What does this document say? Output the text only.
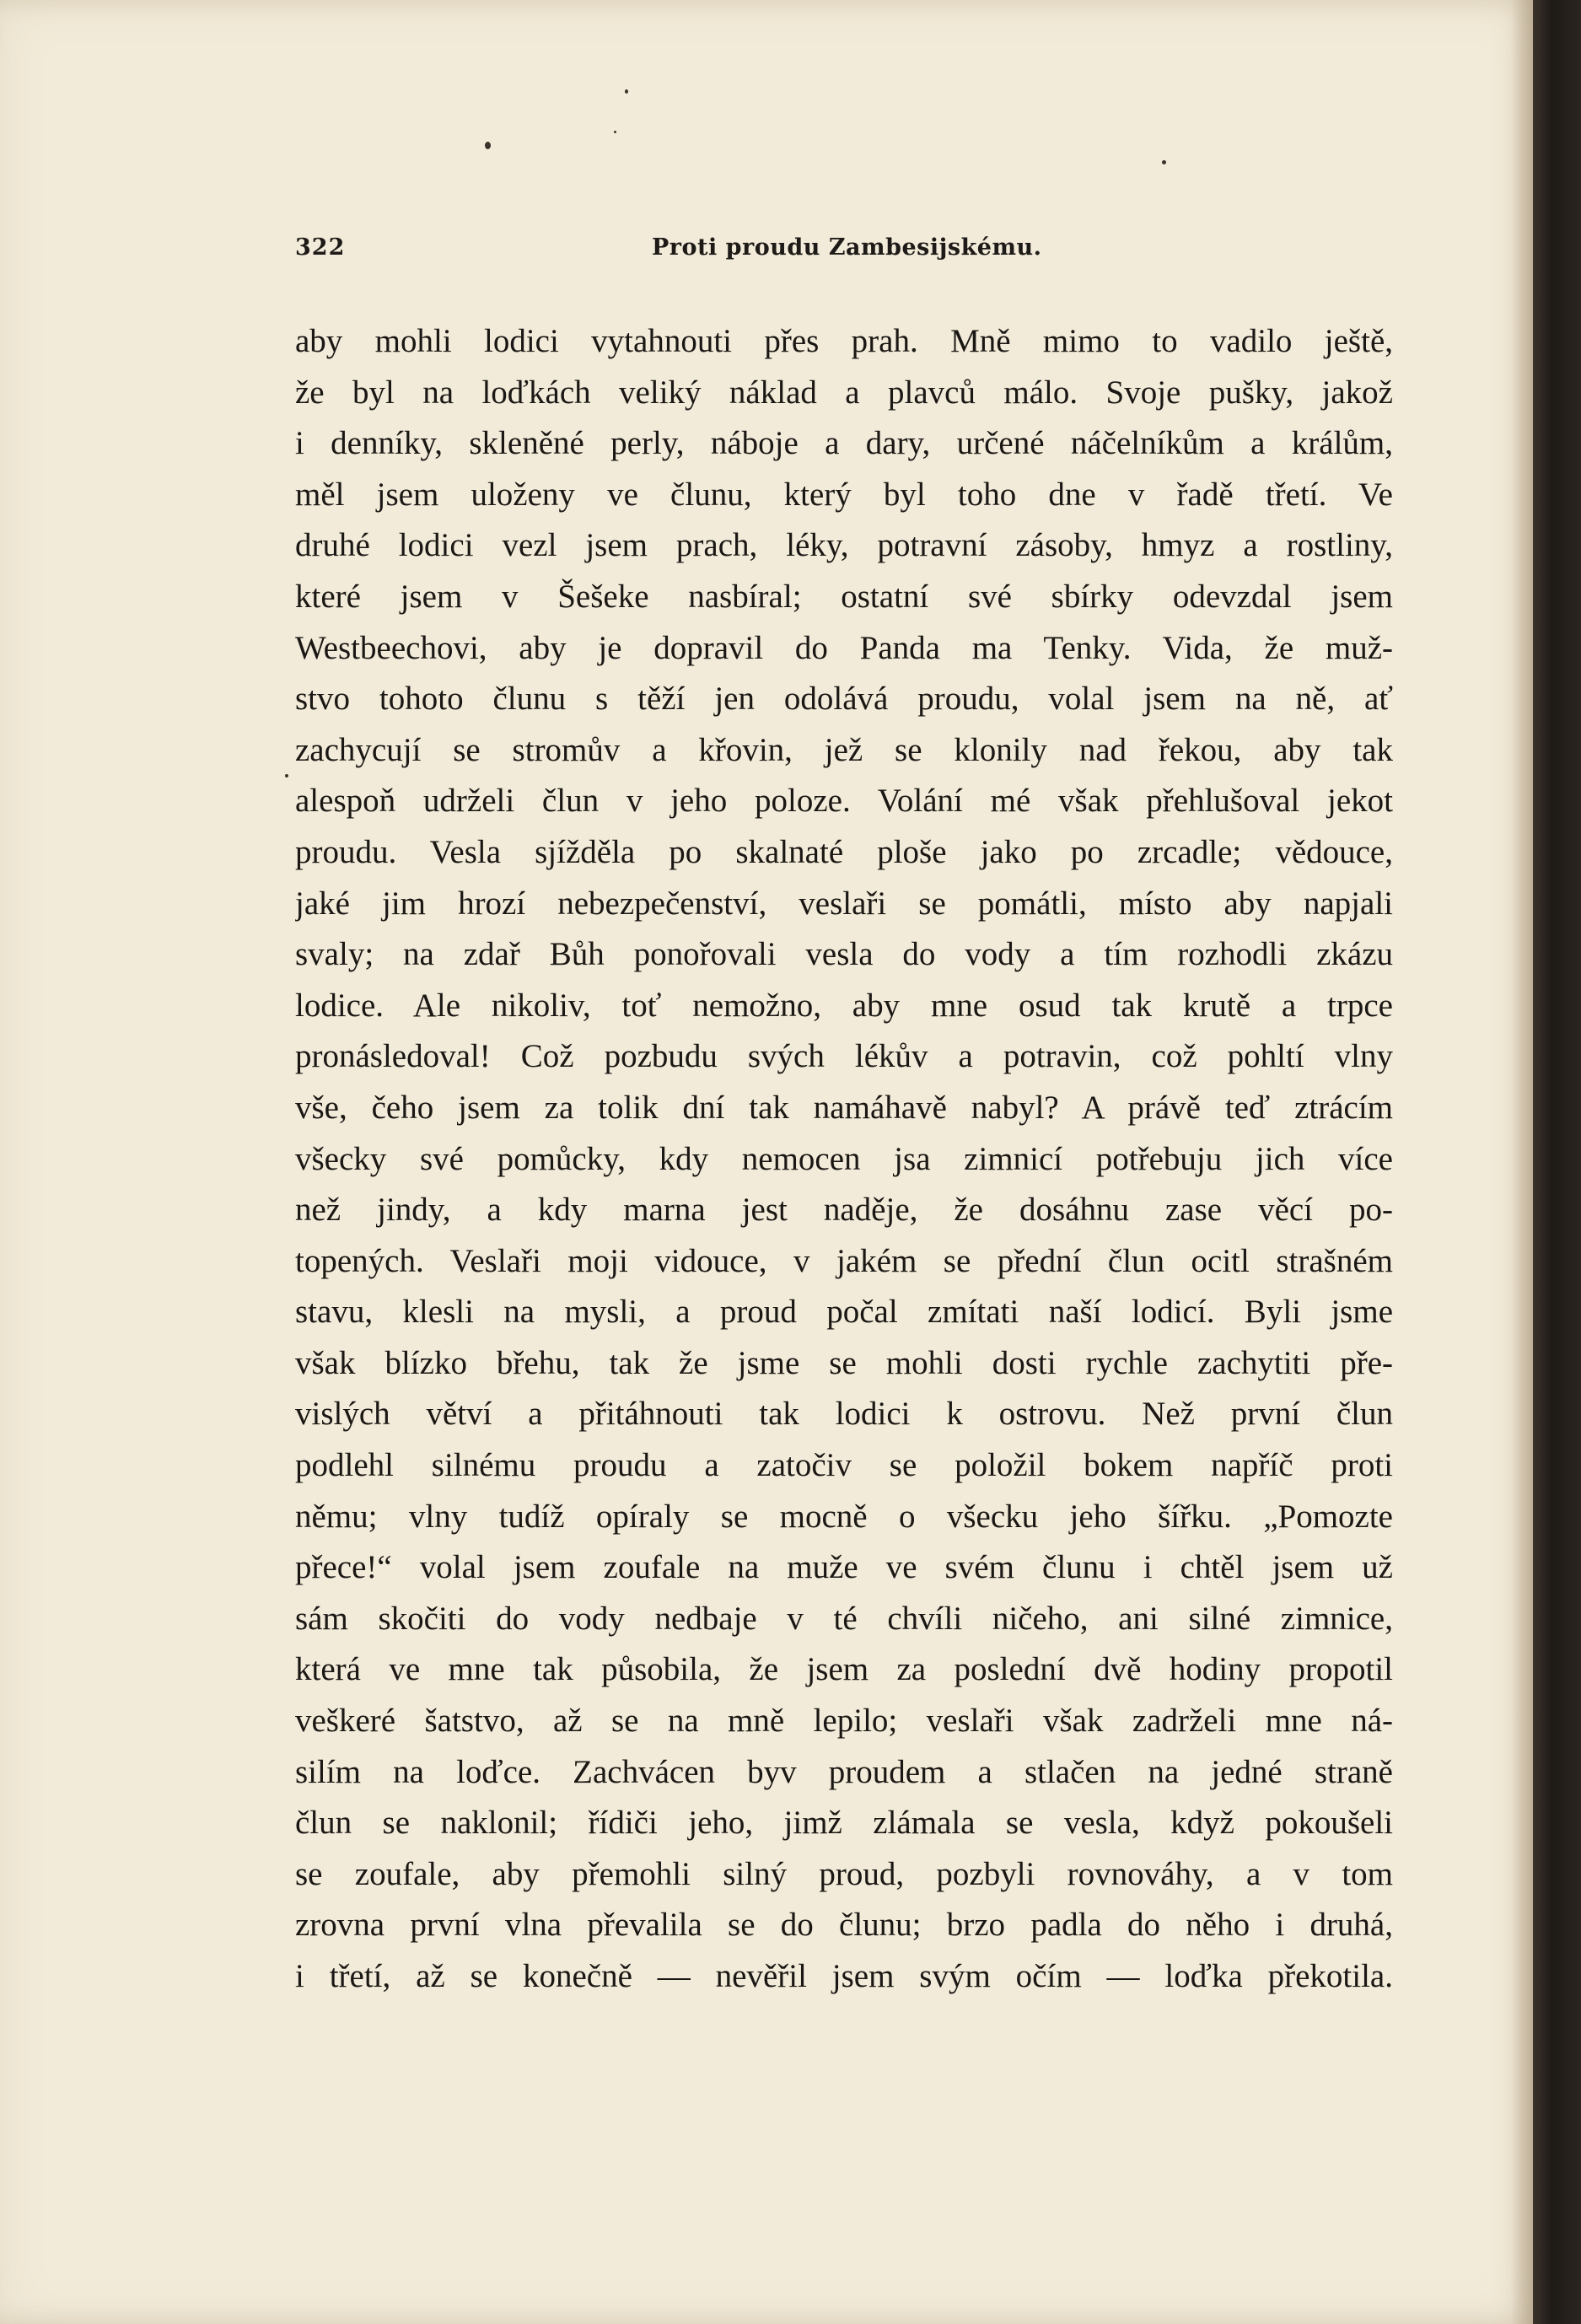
322	Proti proudu Zambesijskému.
aby mohli lodici vytahnouti přes prah. Mně mimo to vadilo ještě,
že byl na loďkách veliký náklad a plavců málo. Svoje pušky, jakož
i denníky, skleněné perly, náboje a dary, určené náčelníkům a králům,
měl jsem uloženy ve člunu, který byl toho dne v řadě třetí. Ve
druhé lodici vezl jsem prach, léky, potravní zásoby, hmyz a rostliny,
které jsem v Šešeke nasbíral; ostatní své sbírky odevzdal jsem
Westbeechovi, aby je dopravil do Panda ma Tenky. Vida, že muž-
stvo tohoto člunu s těží jen odolává proudu, volal jsem na ně, ať
zachycují se stromův a křovin, jež se klonily nad řekou, aby tak
alespoň udrželi člun v jeho poloze. Volání mé však přehlušoval jekot
proudu. Vesla sjížděla po skalnaté ploše jako po zrcadle; vědouce,
jaké jim hrozí nebezpečenství, veslaři se pomátli, místo aby napjali
svaly; na zdař Bůh ponořovali vesla do vody a tím rozhodli zkázu
lodice. Ale nikoliv, toť nemožno, aby mne osud tak krutě a trpce
pronásledoval! Což pozbudu svých lékův a potravin, což pohltí vlny
vše, čeho jsem za tolik dní tak namáhavě nabyl? A právě teď ztrácím
všecky své pomůcky, kdy nemocen jsa zimnicí potřebuju jich více
než jindy, a kdy marna jest naděje, že dosáhnu zase věcí po-
topených. Veslaři moji vidouce, v jakém se přední člun ocitl strašném
stavu, klesli na mysli, a proud počal zmítati naší lodicí. Byli jsme
však blízko břehu, tak že jsme se mohli dosti rychle zachytiti pře-
vislých větví a přitáhnouti tak lodici k ostrovu. Než první člun
podlehl silnému proudu a zatočiv se položil bokem napříč proti
němu; vlny tudíž opíraly se mocně o všecku jeho šířku. „Pomozte
přece!“ volal jsem zoufale na muže ve svém člunu i chtěl jsem už
sám skočiti do vody nedbaje v té chvíli ničeho, ani silné zimnice,
která ve mne tak působila, že jsem za poslední dvě hodiny propotil
veškeré šatstvo, až se na mně lepilo; veslaři však zadrželi mne ná-
silím na loďce. Zachvácen byv proudem a stlačen na jedné straně
člun se naklonil; řídiči jeho, jimž zlámala se vesla, když pokoušeli
se zoufale, aby přemohli silný proud, pozbyli rovnováhy, a v tom
zrovna první vlna převalila se do člunu; brzo padla do něho i druhá,
i třetí, až se konečně — nevěřil jsem svým očím — loďka překotila.
